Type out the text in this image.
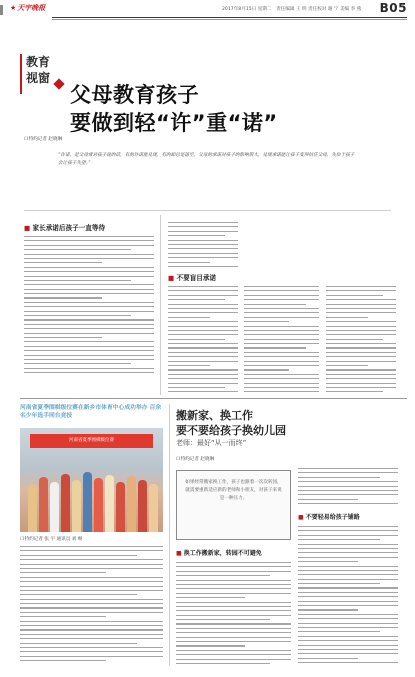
★天宇晚报	2017年8月15日 星期二　责任编辑 王 明 责任校对 谢 宁 美编 李 燕 B05
教育
视窗
父母教育孩子
要做到轻“许”重“诺”
口特约记者 赵晓琳
“许诺，是父母常对孩子说的话，有的许诺能兑现，有的却总是落空。父母的承诺对孩子的影响很大，兑现承诺能让孩子变得信任父母，失信于孩子会让孩子失望。”
■ 家长承诺后孩子一直等待
■ 不要盲目承诺
河南省夏季围棋级位赛在新乡市体育中心成功举办 百余名少年选手同台竞技
河南省夏季围棋级位赛
口特约记者 张 宇 通讯员 刘 畅
搬新家、换工作
要不要给孩子换幼儿园
老师：最好“从一而终”
口特约记者 赵晓琳
如果经常搬家换工作，孩子也跟着一次次转园，就需要重新适应新的老师和小朋友，对孩子来说是一种压力。
■ 不要轻易给孩子铺路
■ 换工作搬新家，转园不可避免
